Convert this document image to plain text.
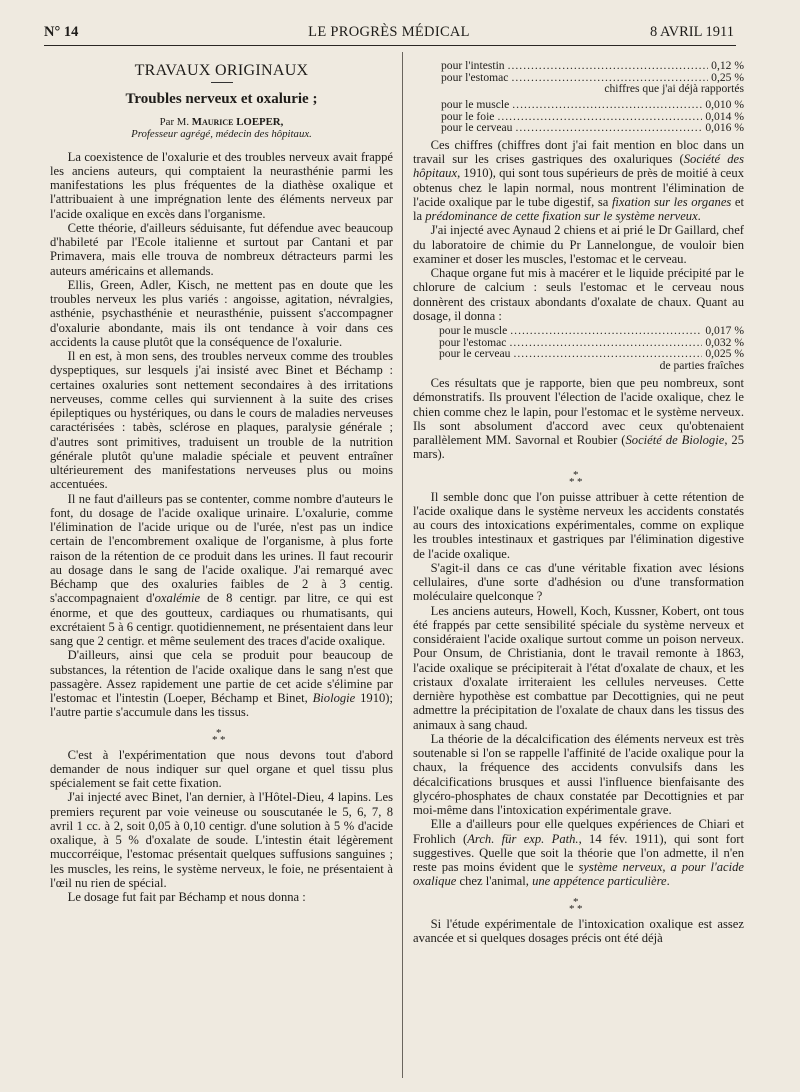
N° 14	LE PROGRÈS MÉDICAL	8 AVRIL 1911
TRAVAUX ORIGINAUX
Troubles nerveux et oxalurie ;
Par M. Maurice LOEPER,
Professeur agrégé, médecin des hôpitaux.

La coexistence de l'oxalurie et des troubles nerveux avait frappé les anciens auteurs, qui comptaient la neurasthénie parmi les manifestations les plus fréquentes de la diathèse oxalique et l'attribuaient à une imprégnation lente des éléments nerveux par l'acide oxalique en excès dans l'organisme.

Cette théorie, d'ailleurs séduisante, fut défendue avec beaucoup d'habileté par l'Ecole italienne et surtout par Cantani et par Primavera, mais elle trouva de nombreux détracteurs parmi les auteurs américains et allemands.

Ellis, Green, Adler, Kisch, ne mettent pas en doute que les troubles nerveux les plus variés : angoisse, agitation, névralgies, asthénie, psychasthénie et neurasthénie, puissent s'accompagner d'oxalurie abondante, mais ils ont tendance à voir dans ces accidents la cause plutôt que la conséquence de l'oxalurie.

Il en est, à mon sens, des troubles nerveux comme des troubles dyspeptiques, sur lesquels j'ai insisté avec Binet et Béchamp : certaines oxaluries sont nettement secondaires à des irritations nerveuses, comme celles qui surviennent à la suite des crises épileptiques ou hystériques, ou dans le cours de maladies nerveuses caractérisées : tabès, sclérose en plaques, paralysie générale ; d'autres sont primitives, traduisent un trouble de la nutrition générale plutôt qu'une maladie spéciale et peuvent entraîner ultérieurement des manifestations nerveuses plus ou moins accentuées.

Il ne faut d'ailleurs pas se contenter, comme nombre d'auteurs le font, du dosage de l'acide oxalique urinaire. L'oxalurie, comme l'élimination de l'acide urique ou de l'urée, n'est pas un indice certain de l'encombrement oxalique de l'organisme, à plus forte raison de la rétention de ce produit dans les urines. Il faut recourir au dosage dans le sang de l'acide oxalique. J'ai remarqué avec Béchamp que des oxaluries faibles de 2 à 3 centig. s'accompagnaient d'oxalémie de 8 centigr. par litre, ce qui est énorme, et que des goutteux, cardiaques ou rhumatisants, qui excrétaient 5 à 6 centigr. quotidiennement, ne présentaient dans leur sang que 2 centigr. et même seulement des traces d'acide oxalique.

D'ailleurs, ainsi que cela se produit pour beaucoup de substances, la rétention de l'acide oxalique dans le sang n'est que passagère. Assez rapidement une partie de cet acide s'élimine par l'estomac et l'intestin (Loeper, Béchamp et Binet, Biologie 1910); l'autre partie s'accumule dans les tissus.

*
* *

C'est à l'expérimentation que nous devons tout d'abord demander de nous indiquer sur quel organe et quel tissu plus spécialement se fait cette fixation.

J'ai injecté avec Binet, l'an dernier, à l'Hôtel-Dieu, 4 lapins. Les premiers reçurent par voie veineuse ou souscutanée le 5, 6, 7, 8 avril 1 cc. à 2, soit 0,05 à 0,10 centigr. d'une solution à 5 % d'acide oxalique, à 5 % d'oxalate de soude. L'intestin était légèrement muccorréique, l'estomac présentait quelques suffusions sanguines ; les muscles, les reins, le système nerveux, le foie, ne présentaient à l'œil nu rien de spécial.

Le dosage fut fait par Béchamp et nous donna :

pour l'intestin .....	0,12 %
pour l'estomac .....	0,25 %
chiffres que j'ai déjà rapportés
pour le muscle .....	0,010 %
pour le foie .....	0,014 %
pour le cerveau .....	0,016 %

Ces chiffres (chiffres dont j'ai fait mention en bloc dans un travail sur les crises gastriques des oxaluriques (Société des hôpitaux, 1910), qui sont tous supérieurs de près de moitié à ceux obtenus chez le lapin normal, nous montrent l'élimination de l'acide oxalique par le tube digestif, sa fixation sur les organes et la prédominance de cette fixation sur le système nerveux.

J'ai injecté avec Aynaud 2 chiens et ai prié le Dr Gaillard, chef du laboratoire de chimie du Pr Lannelongue, de vouloir bien examiner et doser les muscles, l'estomac et le cerveau.

Chaque organe fut mis à macérer et le liquide précipité par le chlorure de calcium : seuls l'estomac et le cerveau nous donnèrent des cristaux abondants d'oxalate de chaux. Quant au dosage, il donna :

pour le muscle .....	0,017 %
pour l'estomac .....	0,032 %
pour le cerveau .....	0,025 %
de parties fraîches

Ces résultats que je rapporte, bien que peu nombreux, sont démonstratifs. Ils prouvent l'élection de l'acide oxalique, chez le chien comme chez le lapin, pour l'estomac et le système nerveux. Ils sont absolument d'accord avec ceux qu'obtenaient parallèlement MM. Savornal et Roubier (Société de Biologie, 25 mars).

*
* *

Il semble donc que l'on puisse attribuer à cette rétention de l'acide oxalique dans le système nerveux les accidents constatés au cours des intoxications expérimentales, comme on explique les troubles intestinaux et gastriques par l'élimination digestive de l'acide oxalique.

S'agit-il dans ce cas d'une véritable fixation avec lésions cellulaires, d'une sorte d'adhésion ou d'une transformation moléculaire quelconque ?

Les anciens auteurs, Howell, Koch, Kussner, Kobert, ont tous été frappés par cette sensibilité spéciale du système nerveux et considéraient l'acide oxalique surtout comme un poison nerveux. Pour Onsum, de Christiania, dont le travail remonte à 1863, l'acide oxalique se précipiterait à l'état d'oxalate de chaux, et les cristaux d'oxalate irriteraient les cellules nerveuses. Cette dernière hypothèse est combattue par Decottignies, qui ne peut admettre la précipitation de l'oxalate de chaux dans les tissus des animaux à sang chaud.

La théorie de la décalcification des éléments nerveux est très soutenable si l'on se rappelle l'affinité de l'acide oxalique pour la chaux, la fréquence des accidents convulsifs dans les décalcifications brusques et aussi l'influence bienfaisante des glycéro-phosphates de chaux constatée par Decottignies et par moi-même dans l'intoxication expérimentale grave.

Elle a d'ailleurs pour elle quelques expériences de Chiari et Frohlich (Arch. für exp. Path., 14 fév. 1911), qui sont fort suggestives. Quelle que soit la théorie que l'on admette, il n'en reste pas moins évident que le système nerveux, a pour l'acide oxalique chez l'animal, une appétence particulière.

*
* *

Si l'étude expérimentale de l'intoxication oxalique est assez avancée et si quelques dosages précis ont été déjà
